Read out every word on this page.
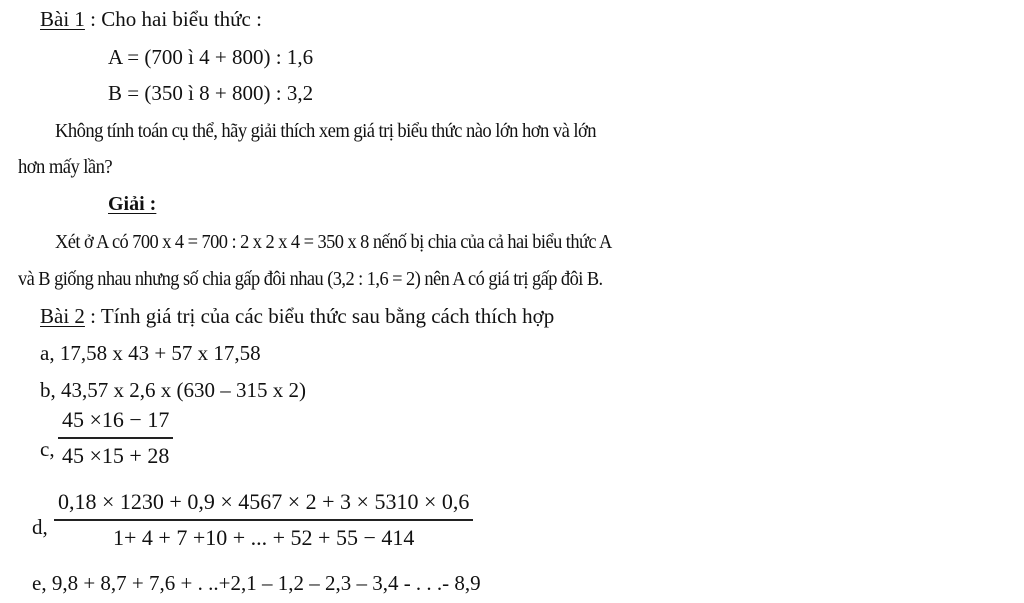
Bài 1 : Cho hai biểu thức :
A = (700 ì 4 + 800) : 1,6
B = (350 ì 8 + 800) : 3,2
Không tính toán cụ thể, hãy giải thích xem giá trị biểu thức nào lớn hơn và lớn
hơn mấy lần?
Giải :
Xét ở A có 700 x 4 = 700 : 2 x 2 x 4 = 350 x 8 nếnố bị chia của cả hai biểu thức A
và B giống nhau nhưng số chia gấp đôi nhau (3,2 : 1,6 = 2) nên A có giá trị gấp đôi B.
Bài 2 : Tính giá trị của các biểu thức sau bằng cách thích hợp
a, 17,58 x 43 + 57 x 17,58
b, 43,57 x 2,6 x (630 – 315 x 2)
c,
45 ×16 − 17
45 ×15 + 28
d,
0,18 × 1230 + 0,9 × 4567 × 2 + 3 × 5310 × 0,6
1+ 4 + 7 +10 + ... + 52 + 55 − 414
e, 9,8 + 8,7 + 7,6 + . ..+2,1 – 1,2 – 2,3 – 3,4 - . . .- 8,9
